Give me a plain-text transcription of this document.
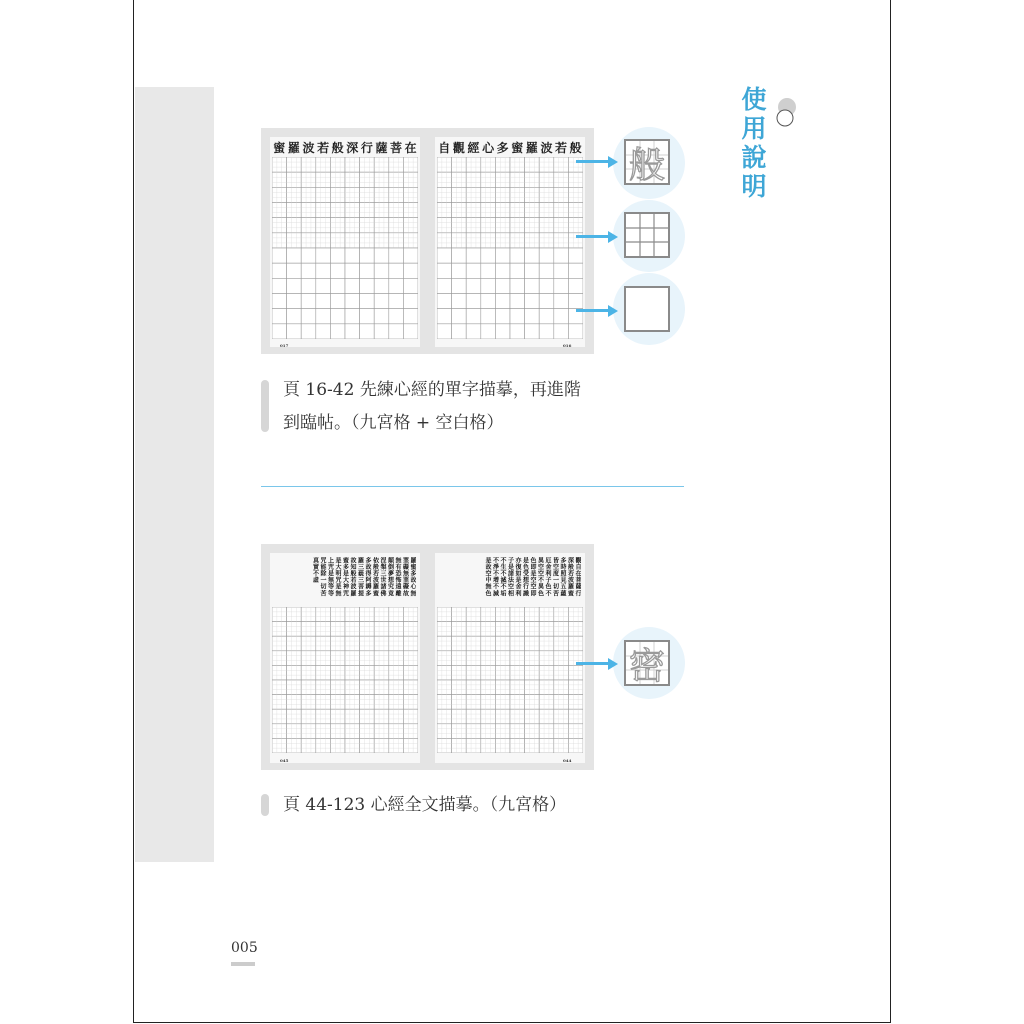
使用說明
蜜 羅 波 若 般 深 行 薩 菩 在
017
自 觀 經 心 多 蜜 羅 波 若 般
016
般
頁 16-42 先練心經的單字描摹，再進階
到臨帖。（九宮格 + 空白格）
羅蜜多故心無罣礙無罣礙故無有恐怖遠離顛倒夢想究竟涅槃三世諸佛依般若波羅蜜多故得阿耨多羅三藐三菩提故知般若波羅蜜多是大神咒是大明咒是無上咒是無等等咒能除一切苦真實不虛
045
觀自在菩薩行深般若波羅蜜多時照見五蘊皆空度一切苦厄舍利子色不異空空不異色色即是空空即是色受想行識亦復如是舍利子是諸法空相不生不滅不垢不淨不增不減是故空中無色
044
密
頁 44-123 心經全文描摹。（九宮格）
005
